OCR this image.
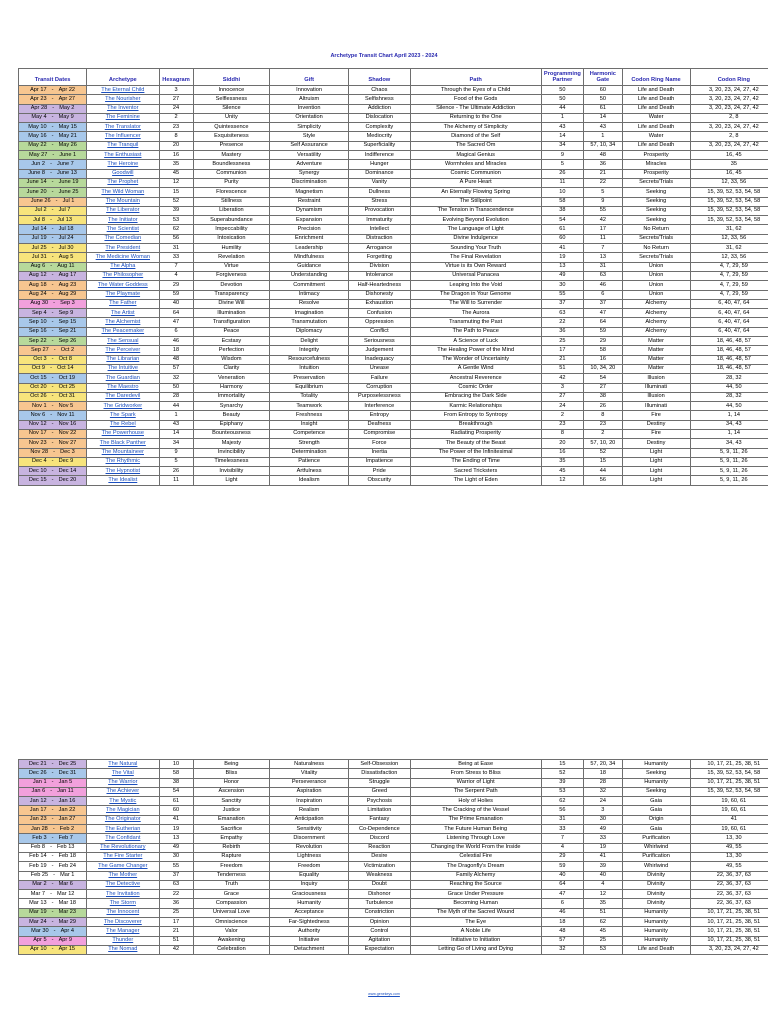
Archetype Transit Chart April 2023 - 2024
Transit Dates	Archetype	Hexagram	Siddhi	Gift	Shadow	Path	Programming Partner	Harmonic Gate	Codon Ring Name	Codon Ring
Apr 17 - Apr 22	The Eternal Child	3	Innocence	Innovation	Chaos	Through the Eyes of a Child	50	60	Life and Death	3, 20, 23, 24, 27, 42
Apr 23 - Apr 27	The Nourisher	27	Selflessness	Altruism	Selfishness	Food of the Gods	50	50	Life and Death	3, 20, 23, 24, 27, 42
Apr 28 - May 2	The Inventor	24	Silence	Invention	Addiction	Silence - The Ultimate Addiction	44	61	Life and Death	3, 20, 23, 24, 27, 42
May 4 - May 9	The Feminine	2	Unity	Orientation	Dislocation	Returning to the One	1	14	Water	2, 8
May 10 - May 15	The Translator	23	Quintessence	Simplicity	Complexity	The Alchemy of Simplicity	43	43	Life and Death	3, 20, 23, 24, 27, 42
May 16 - May 21	The Influencer	8	Exquisiteness	Style	Mediocrity	Diamond of the Self	14	1	Water	2, 8
May 22 - May 26	The Tranquil	20	Presence	Self Assurance	Superficiality	The Sacred Om	34	57, 10, 34	Life and Death	3, 20, 23, 24, 27, 42
May 27 - June 1	The Enthusiast	16	Mastery	Versatility	Indifference	Magical Genius	9	48	Prosperity	16, 45
Jun 2 - June 7	The Heroine	35	Boundlessness	Adventure	Hunger	Wormholes and Miracles	5	36	Miracles	35
June 8 - June 13	Goodwill	45	Communion	Synergy	Dominance	Cosmic Communion	26	21	Prosperity	16, 45
June 14 - June 19	The Prophet	12	Purity	Discrimination	Vanity	A Pure Heart	11	22	Secrets/Trials	12, 33, 56
June 20 - June 25	The Wild Woman	15	Florescence	Magnetism	Dullness	An Eternally Flowing Spring	10	5	Seeking	15, 39, 52, 53, 54, 58
June 26 - Jul 1	The Mountain	52	Stillness	Restraint	Stress	The Stillpoint	58	9	Seeking	15, 39, 52, 53, 54, 58
Jul 2 - Jul 7	The Liberator	39	Liberation	Dynamism	Provocation	The Tension in Transcendence	38	55	Seeking	15, 39, 52, 53, 54, 58
Jul 8 - Jul 13	The Initiator	53	Superabundance	Expansion	Immaturity	Evolving Beyond Evolution	54	42	Seeking	15, 39, 52, 53, 54, 58
Jul 14 - Jul 18	The Scientist	62	Impeccability	Precision	Intellect	The Language of Light	61	17	No Return	31, 62
Jul 19 - Jul 24	The Comedian	56	Intoxication	Enrichment	Distraction	Divine Indulgence	60	11	Secrets/Trials	12, 33, 56
Jul 25 - Jul 30	The President	31	Humility	Leadership	Arrogance	Sounding Your Truth	41	7	No Return	31, 62
Jul 31 - Aug 5	The Medicine Woman	33	Revelation	Mindfulness	Forgetting	The Final Revelation	19	13	Secrets/Trials	12, 33, 56
Aug 6 - Aug 11	The Alpha	7	Virtue	Guidance	Division	Virtue is its Own Reward	13	31	Union	4, 7, 29, 59
Aug 12 - Aug 17	The Philosopher	4	Forgiveness	Understanding	Intolerance	Universal Panacea	49	63	Union	4, 7, 29, 59
Aug 18 - Aug 23	The Water Goddess	29	Devotion	Commitment	Half-Heartedness	Leaping Into the Void	30	46	Union	4, 7, 29, 59
Aug 24 - Aug 29	The Playmate	59	Transparency	Intimacy	Dishonesty	The Dragon in Your Genome	55	6	Union	4, 7, 29, 59
Aug 30 - Sep 3	The Father	40	Divine Will	Resolve	Exhaustion	The Will to Surrender	37	37	Alchemy	6, 40, 47, 64
Sep 4 - Sep 9	The Artist	64	Illumination	Imagination	Confusion	The Aurora	63	47	Alchemy	6, 40, 47, 64
Sep 10 - Sep 15	The Alchemist	47	Transfiguration	Transmutation	Oppression	Transmuting the Past	22	64	Alchemy	6, 40, 47, 64
Sep 16 - Sep 21	The Peacemaker	6	Peace	Diplomacy	Conflict	The Path to Peace	36	59	Alchemy	6, 40, 47, 64
Sep 22 - Sep 26	The Sensual	46	Ecstasy	Delight	Seriousness	A Science of Luck	25	29	Matter	18, 46, 48, 57
Sep 27 - Oct 2	The Perceiver	18	Perfection	Integrity	Judgement	The Healing Power of the Mind	17	58	Matter	18, 46, 48, 57
Oct 3 - Oct 8	The Librarian	48	Wisdom	Resourcefulness	Inadequacy	The Wonder of Uncertainty	21	16	Matter	18, 46, 48, 57
Oct 9 - Oct 14	The Intuitive	57	Clarity	Intuition	Unease	A Gentle Wind	51	10, 34, 20	Matter	18, 46, 48, 57
Oct 15 - Oct 19	The Guardian	32	Veneration	Preservation	Failure	Ancestral Reverence	42	54	Illusion	28, 32
Oct 20 - Oct 25	The Maestro	50	Harmony	Equilibrium	Corruption	Cosmic Order	3	27	Illuminati	44, 50
Oct 26 - Oct 31	The Daredevil	28	Immortality	Totality	Purposelessness	Embracing the Dark Side	27	38	Illusion	28, 32
Nov 1 - Nov 5	The Gridworker	44	Synarchy	Teamwork	Interference	Karmic Relationships	24	26	Illuminati	44, 50
Nov 6 - Nov 11	The Spark	1	Beauty	Freshness	Entropy	From Entropy to Syntropy	2	8	Fire	1, 14
Nov 12 - Nov 16	The Rebel	43	Epiphany	Insight	Deafness	Breakthrough	23	23	Destiny	34, 43
Nov 17 - Nov 22	The Powerhouse	14	Bounteousness	Competence	Compromise	Radiating Prosperity	8	2	Fire	1, 14
Nov 23 - Nov 27	The Black Panther	34	Majesty	Strength	Force	The Beauty of the Beast	20	57, 10, 20	Destiny	34, 43
Nov 28 - Dec 3	The Mountaineer	9	Invincibility	Determination	Inertia	The Power of the Infinitesimal	16	52	Light	5, 9, 11, 26
Dec 4 - Dec 9	The Rhythmic	5	Timelessness	Patience	Impatience	The Ending of Time	35	15	Light	5, 9, 11, 26
Dec 10 - Dec 14	The Hypnotist	26	Invisibility	Artfulness	Pride	Sacred Tricksters	45	44	Light	5, 9, 11, 26
Dec 15 - Dec 20	The Idealist	11	Light	Idealism	Obscurity	The Light of Eden	12	56	Light	5, 9, 11, 26
Dec 21 - Dec 25	The Natural	10	Being	Naturalness	Self-Obsession	Being at Ease	15	57, 20, 34	Humanity	10, 17, 21, 25, 38, 51
Dec 26 - Dec 31	The Vital	58	Bliss	Vitality	Dissatisfaction	From Stress to Bliss	52	18	Seeking	15, 39, 52, 53, 54, 58
Jan 1 - Jan 5	The Warrior	38	Honor	Perseverance	Struggle	Warrior of Light	39	28	Humanity	10, 17, 21, 25, 38, 51
Jan 6 - Jan 11	The Achiever	54	Ascension	Aspiration	Greed	The Serpent Path	53	32	Seeking	15, 39, 52, 53, 54, 58
Jan 12 - Jan 16	The Mystic	61	Sanctity	Inspiration	Psychosis	Holy of Holies	62	24	Gaia	19, 60, 61
Jan 17 - Jan 22	The Magician	60	Justice	Realism	Limitation	The Cracking of the Vessel	56	3	Gaia	19, 60, 61
Jan 23 - Jan 27	The Originator	41	Emanation	Anticipation	Fantasy	The Prime Emanation	31	30	Origin	41
Jan 28 - Feb 2	The Eutherian	19	Sacrifice	Sensitivity	Co-Dependence	The Future Human Being	33	49	Gaia	19, 60, 61
Feb 3 - Feb 7	The Confidant	13	Empathy	Discernment	Discord	Listening Through Love	7	33	Purification	13, 30
Feb 8 - Feb 13	The Revolutionary	49	Rebirth	Revolution	Reaction	Changing the World From the Inside	4	19	Whirlwind	49, 55
Feb 14 - Feb 18	The Fire Starter	30	Rapture	Lightness	Desire	Celestial Fire	29	41	Purification	13, 30
Feb 19 - Feb 24	The Game Changer	55	Freedom	Freedom	Victimization	The Dragonfly's Dream	59	39	Whirlwind	49, 55
Feb 25 - Mar 1	The Mother	37	Tenderness	Equality	Weakness	Family Alchemy	40	40	Divinity	22, 36, 37, 63
Mar 2 - Mar 6	The Detective	63	Truth	Inquiry	Doubt	Reaching the Source	64	4	Divinity	22, 36, 37, 63
Mar 7 - Mar 12	The Invitation	22	Grace	Graciousness	Dishonor	Grace Under Pressure	47	12	Divinity	22, 36, 37, 63
Mar 13 - Mar 18	The Storm	36	Compassion	Humanity	Turbulence	Becoming Human	6	35	Divinity	22, 36, 37, 63
Mar 19 - Mar 23	The Innocent	25	Universal Love	Acceptance	Constriction	The Myth of the Sacred Wound	46	51	Humanity	10, 17, 21, 25, 38, 51
Mar 24 - Mar 29	The Discoverer	17	Omniscience	Far-Sightedness	Opinion	The Eye	18	62	Humanity	10, 17, 21, 25, 38, 51
Mar 30 - Apr 4	The Manager	21	Valor	Authority	Control	A Noble Life	48	45	Humanity	10, 17, 21, 25, 38, 51
Apr 5 - Apr 9	Thunder	51	Awakening	Initiative	Agitation	Initiative to Initiation	57	25	Humanity	10, 17, 21, 25, 38, 51
Apr 10 - Apr 15	The Nomad	42	Celebration	Detachment	Expectation	Letting Go of Living and Dying	32	53	Life and Death	3, 20, 23, 24, 27, 42
www.genekeys.com
